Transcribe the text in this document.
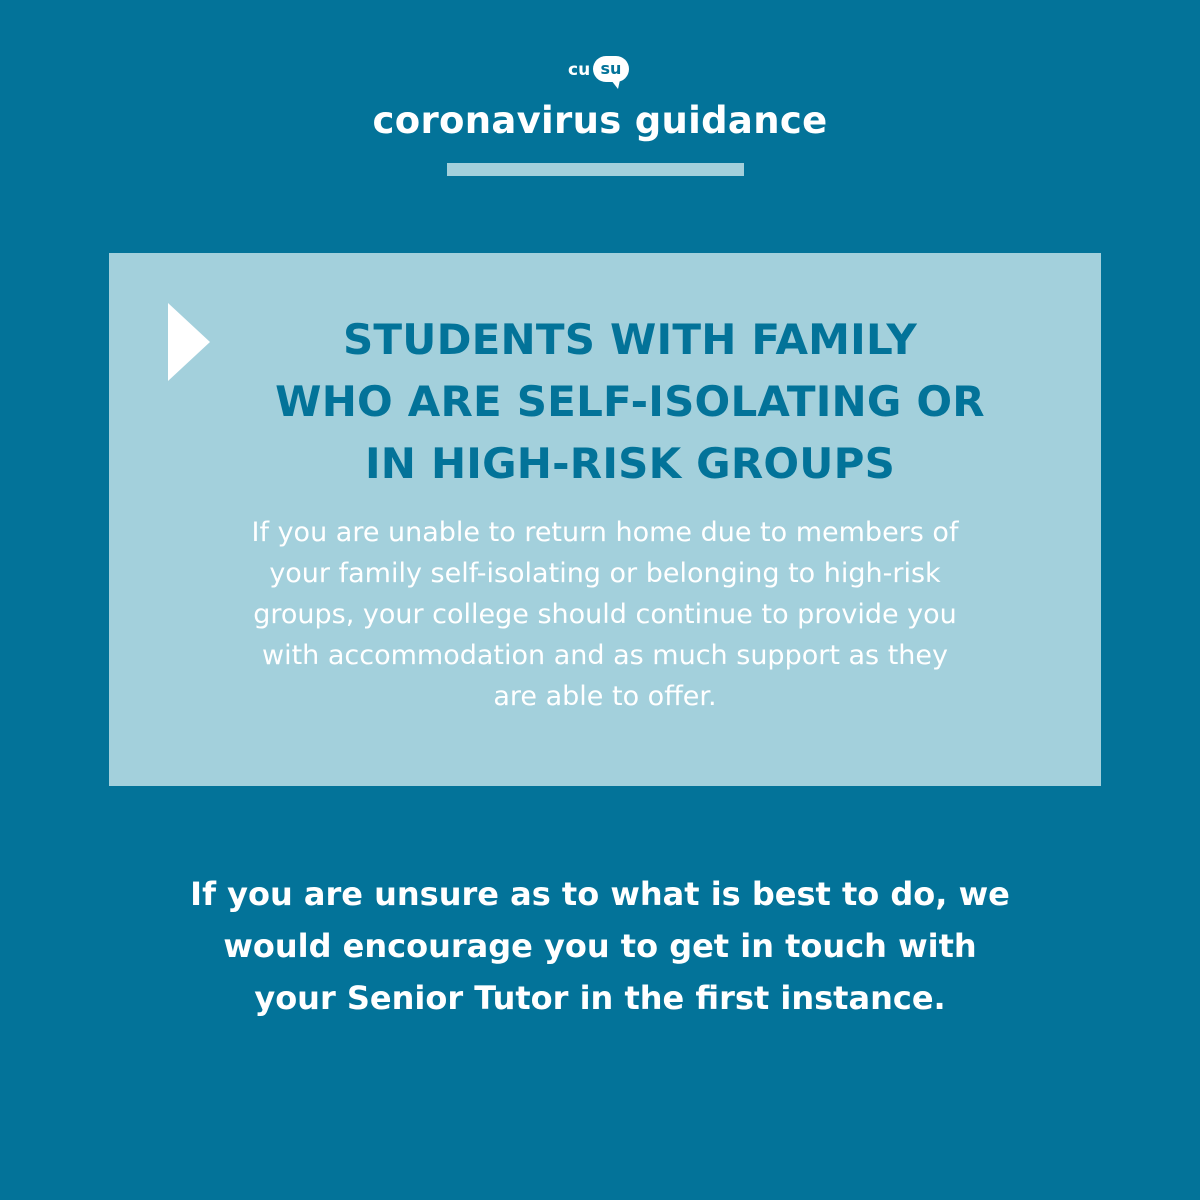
cu su
coronavirus guidance
STUDENTS WITH FAMILY
WHO ARE SELF-ISOLATING OR
IN HIGH-RISK GROUPS
If you are unable to return home due to members of
your family self-isolating or belonging to high-risk
groups, your college should continue to provide you
with accommodation and as much support as they
are able to offer.
If you are unsure as to what is best to do, we
would encourage you to get in touch with
your Senior Tutor in the first instance.
